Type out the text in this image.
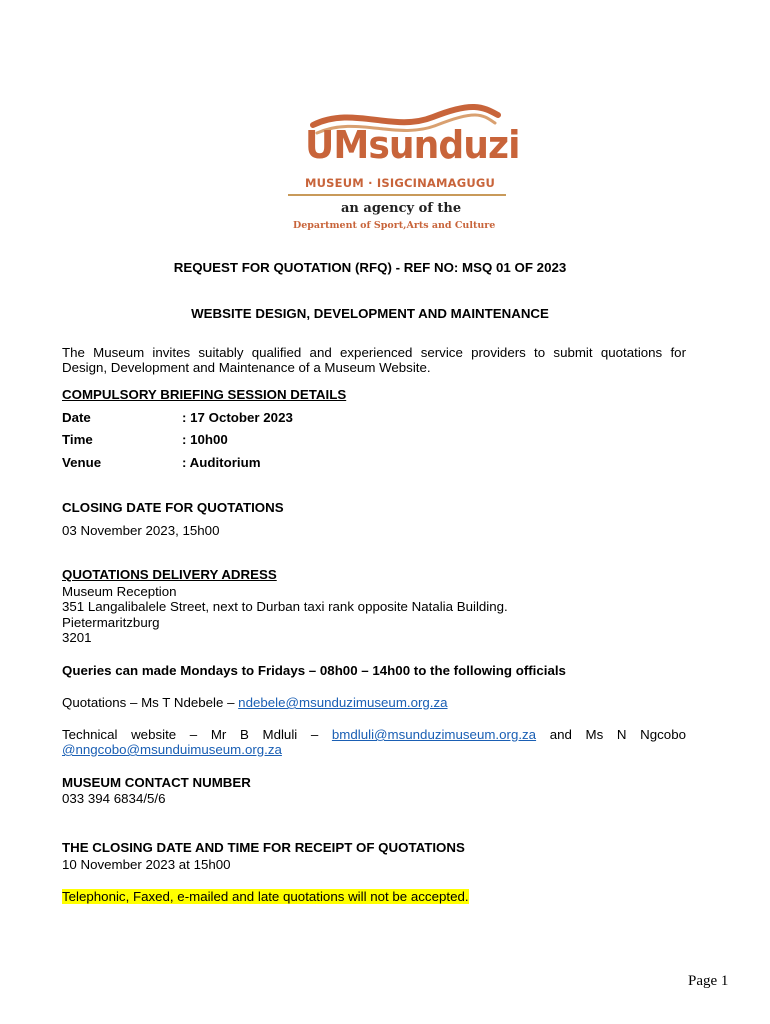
UMsunduzi
MUSEUM · ISIGCINAMAGUGU
an agency of the
Department of Sport,Arts and Culture
REQUEST FOR QUOTATION (RFQ) - REF NO: MSQ 01 OF 2023
WEBSITE DESIGN, DEVELOPMENT AND MAINTENANCE
The Museum invites suitably qualified and experienced service providers to submit quotations for
Design, Development and Maintenance of a Museum Website.
COMPULSORY BRIEFING SESSION DETAILS
Date	: 17 October 2023
Time	: 10h00
Venue	: Auditorium
CLOSING DATE FOR QUOTATIONS
03 November 2023, 15h00
QUOTATIONS DELIVERY ADRESS
Museum Reception
351 Langalibalele Street, next to Durban taxi rank opposite Natalia Building.
Pietermaritzburg
3201
Queries can made Mondays to Fridays – 08h00 – 14h00 to the following officials
Quotations – Ms T Ndebele – ndebele@msunduzimuseum.org.za
Technical website – Mr B Mdluli – bmdluli@msunduzimuseum.org.za and Ms N Ngcobo
@nngcobo@msunduimuseum.org.za
MUSEUM CONTACT NUMBER
033 394 6834/5/6
THE CLOSING DATE AND TIME FOR RECEIPT OF QUOTATIONS
10 November 2023 at 15h00
Telephonic, Faxed, e-mailed and late quotations will not be accepted.
Page 1
